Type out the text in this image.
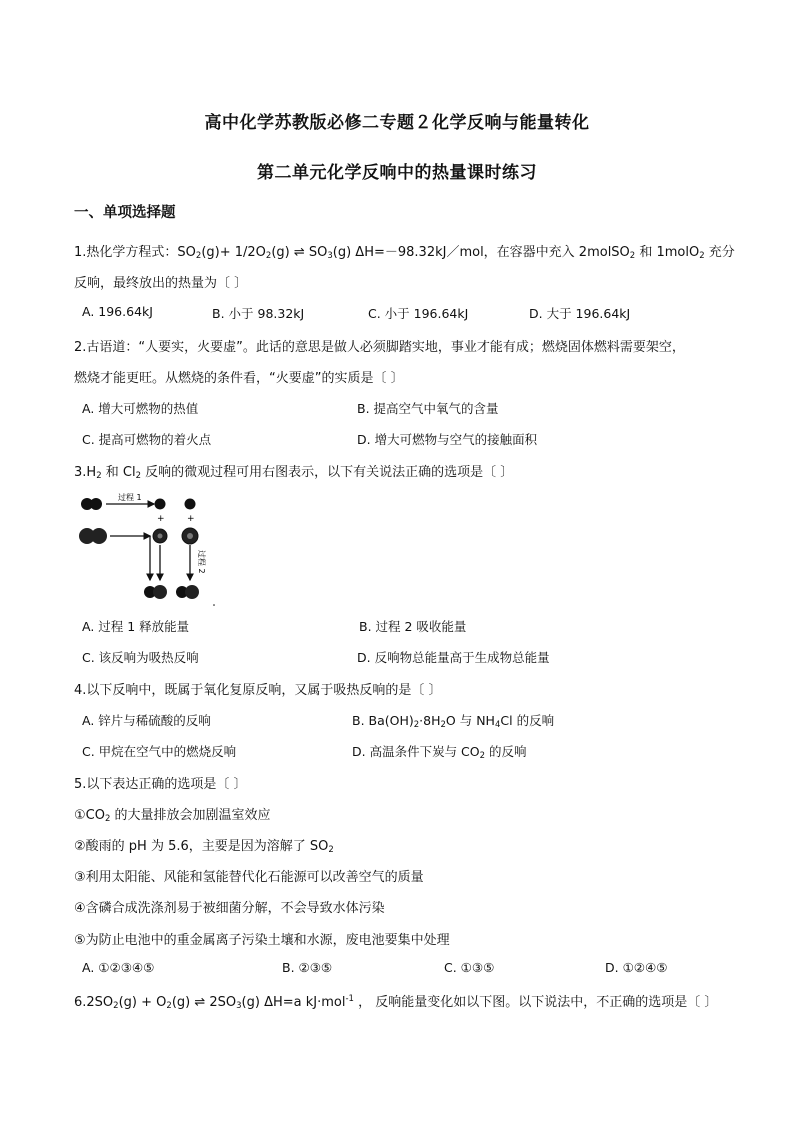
高中化学苏教版必修二专题２化学反响与能量转化
第二单元化学反响中的热量课时练习
一、单项选择题
1.热化学方程式：$SO_2(g)+ 1/2O_2(g)$ ⇌ $SO_3(g)$ ΔH=－98.32kJ／mol，在容器中充入 2molSO$_2$ 和 1molO$_2$ 充分
反响，最终放出的热量为〔 〕
A. 196.64kJ	B. 小于 98.32kJ	C. 小于 196.64kJ	D. 大于 196.64kJ
2.古语道：“人要实，火要虚”。此话的意思是做人必须脚踏实地，事业才能有成；燃烧固体燃料需要架空，
燃烧才能更旺。从燃烧的条件看，“火要虚”的实质是〔 〕
A. 增大可燃物的热值	B. 提高空气中氧气的含量
C. 提高可燃物的着火点	D. 增大可燃物与空气的接触面积
$3.H_2$ 和 $Cl_2$ 反响的微观过程可用右图表示，以下有关说法正确的选项是〔 〕
过程 1
+ +
过程 2
A. 过程 1 释放能量	B. 过程 2 吸收能量
C. 该反响为吸热反响	D. 反响物总能量高于生成物总能量
4.以下反响中，既属于氧化复原反响，又属于吸热反响的是〔 〕
A. 锌片与稀硫酸的反响	B. $Ba(OH)_2\cdot 8H_2O$ 与 $NH_4Cl$ 的反响
C. 甲烷在空气中的燃烧反响	D. 高温条件下炭与 $CO_2$ 的反响
5.以下表达正确的选项是〔 〕
$①CO_2$ 的大量排放会加剧温室效应
②酸雨的 pH 为 5.6，主要是因为溶解了 $SO_2$
③利用太阳能、风能和氢能替代化石能源可以改善空气的质量
④含磷合成洗涤剂易于被细菌分解，不会导致水体污染
⑤为防止电池中的重金属离子污染土壤和水源，废电池要集中处理
A. ①②③④⑤	B. ②③⑤	C. ①③⑤	D. ①②④⑤
$6.2SO_2(g) + O_2(g)$ ⇌ $2SO_3(g)$ ΔH=a kJ·mol$^{-1}$ ， 反响能量变化如以下图。以下说法中，不正确的选项是〔 〕
